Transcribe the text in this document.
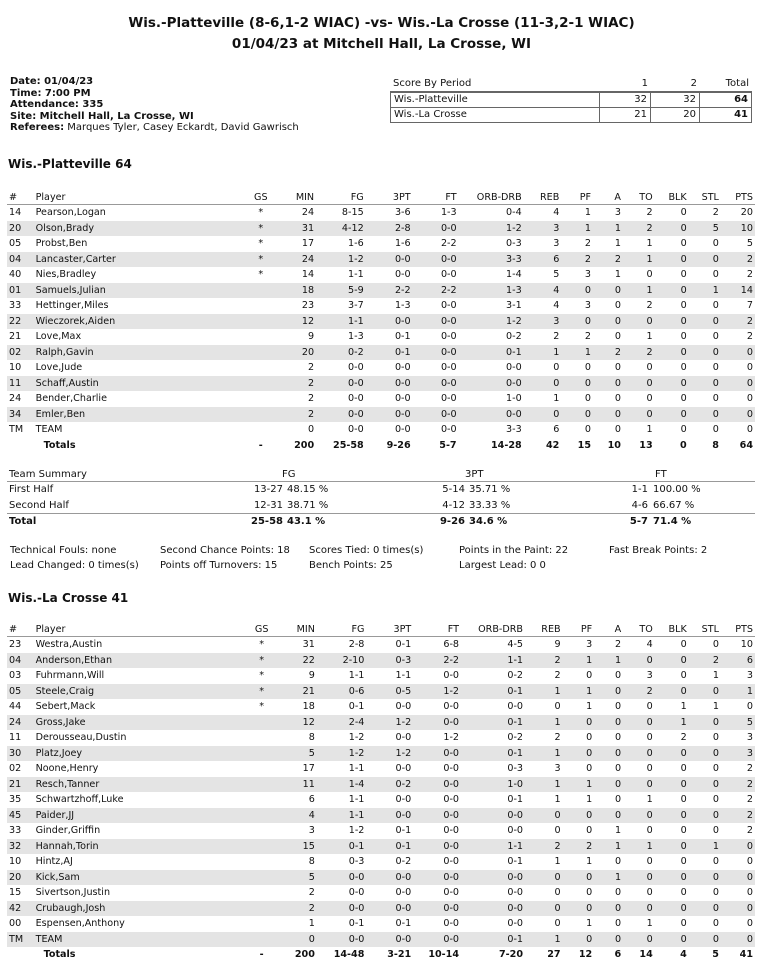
Wis.-Platteville (8-6,1-2 WIAC) -vs- Wis.-La Crosse (11-3,2-1 WIAC)
01/04/23 at Mitchell Hall, La Crosse, WI
Date: 01/04/23
Time: 7:00 PM
Attendance: 335
Site: Mitchell Hall, La Crosse, WI
Referees: Marques Tyler, Casey Eckardt, David Gawrisch
Score By Period	1	2	Total
Wis.-Platteville	32	32	64
Wis.-La Crosse	21	20	41
Wis.-Platteville 64
#	Player	GS	MIN	FG	3PT	FT	ORB-DRB	REB	PF	A	TO	BLK	STL	PTS
14	Pearson,Logan	*	24	8-15	3-6	1-3	0-4	4	1	3	2	0	2	20
20	Olson,Brady	*	31	4-12	2-8	0-0	1-2	3	1	1	2	0	5	10
05	Probst,Ben	*	17	1-6	1-6	2-2	0-3	3	2	1	1	0	0	5
04	Lancaster,Carter	*	24	1-2	0-0	0-0	3-3	6	2	2	1	0	0	2
40	Nies,Bradley	*	14	1-1	0-0	0-0	1-4	5	3	1	0	0	0	2
01	Samuels,Julian		18	5-9	2-2	2-2	1-3	4	0	0	1	0	1	14
33	Hettinger,Miles		23	3-7	1-3	0-0	3-1	4	3	0	2	0	0	7
22	Wieczorek,Aiden		12	1-1	0-0	0-0	1-2	3	0	0	0	0	0	2
21	Love,Max		9	1-3	0-1	0-0	0-2	2	2	0	1	0	0	2
02	Ralph,Gavin		20	0-2	0-1	0-0	0-1	1	1	2	2	0	0	0
10	Love,Jude		2	0-0	0-0	0-0	0-0	0	0	0	0	0	0	0
11	Schaff,Austin		2	0-0	0-0	0-0	0-0	0	0	0	0	0	0	0
24	Bender,Charlie		2	0-0	0-0	0-0	1-0	1	0	0	0	0	0	0
34	Emler,Ben		2	0-0	0-0	0-0	0-0	0	0	0	0	0	0	0
TM	TEAM		0	0-0	0-0	0-0	3-3	6	0	0	1	0	0	0
	Totals	-	200	25-58	9-26	5-7	14-28	42	15	10	13	0	8	64
Team Summary	FG	3PT	FT
First Half	13-27 48.15 %	5-14 35.71 %	1-1 100.00 %
Second Half	12-31 38.71 %	4-12 33.33 %	4-6 66.67 %
Total	25-58 43.1 %	9-26 34.6 %	5-7 71.4 %
Technical Fouls: none	Second Chance Points: 18 Scores Tied: 0 times(s)	Points in the Paint: 22	Fast Break Points: 2
Lead Changed: 0 times(s) Points off Turnovers: 15	Bench Points: 25	Largest Lead: 0 0
Wis.-La Crosse 41
#	Player	GS	MIN	FG	3PT	FT	ORB-DRB	REB	PF	A	TO	BLK	STL	PTS
23	Westra,Austin	*	31	2-8	0-1	6-8	4-5	9	3	2	4	0	0	10
04	Anderson,Ethan	*	22	2-10	0-3	2-2	1-1	2	1	1	0	0	2	6
03	Fuhrmann,Will	*	9	1-1	1-1	0-0	0-2	2	0	0	3	0	1	3
05	Steele,Craig	*	21	0-6	0-5	1-2	0-1	1	1	0	2	0	0	1
44	Sebert,Mack	*	18	0-1	0-0	0-0	0-0	0	1	0	0	1	1	0
24	Gross,Jake		12	2-4	1-2	0-0	0-1	1	0	0	0	1	0	5
11	Derousseau,Dustin		8	1-2	0-0	1-2	0-2	2	0	0	0	2	0	3
30	Platz,Joey		5	1-2	1-2	0-0	0-1	1	0	0	0	0	0	3
02	Noone,Henry		17	1-1	0-0	0-0	0-3	3	0	0	0	0	0	2
21	Resch,Tanner		11	1-4	0-2	0-0	1-0	1	1	0	0	0	0	2
35	Schwartzhoff,Luke		6	1-1	0-0	0-0	0-1	1	1	0	1	0	0	2
45	Paider,JJ		4	1-1	0-0	0-0	0-0	0	0	0	0	0	0	2
33	Ginder,Griffin		3	1-2	0-1	0-0	0-0	0	0	1	0	0	0	2
32	Hannah,Torin		15	0-1	0-1	0-0	1-1	2	2	1	1	0	1	0
10	Hintz,AJ		8	0-3	0-2	0-0	0-1	1	1	0	0	0	0	0
20	Kick,Sam		5	0-0	0-0	0-0	0-0	0	0	1	0	0	0	0
15	Sivertson,Justin		2	0-0	0-0	0-0	0-0	0	0	0	0	0	0	0
42	Crubaugh,Josh		2	0-0	0-0	0-0	0-0	0	0	0	0	0	0	0
00	Espensen,Anthony		1	0-1	0-1	0-0	0-0	0	1	0	1	0	0	0
TM	TEAM		0	0-0	0-0	0-0	0-1	1	0	0	0	0	0	0
	Totals	-	200	14-48	3-21	10-14	7-20	27	12	6	14	4	5	41
